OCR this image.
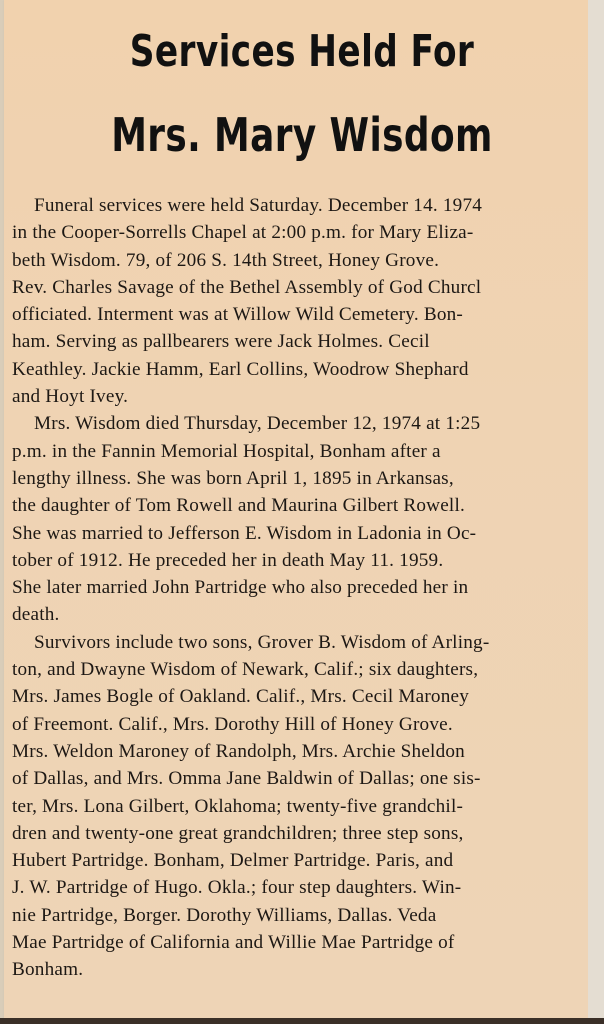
Services Held For
Mrs. Mary Wisdom
Funeral services were held Saturday. December 14. 1974
in the Cooper-Sorrells Chapel at 2:00 p.m. for Mary Eliza-
beth Wisdom. 79, of 206 S. 14th Street, Honey Grove.
Rev. Charles Savage of the Bethel Assembly of God Churcl
officiated. Interment was at Willow Wild Cemetery. Bon-
ham. Serving as pallbearers were Jack Holmes. Cecil
Keathley. Jackie Hamm, Earl Collins, Woodrow Shephard
and Hoyt Ivey.
Mrs. Wisdom died Thursday, December 12, 1974 at 1:25
p.m. in the Fannin Memorial Hospital, Bonham after a
lengthy illness. She was born April 1, 1895 in Arkansas,
the daughter of Tom Rowell and Maurina Gilbert Rowell.
She was married to Jefferson E. Wisdom in Ladonia in Oc-
tober of 1912. He preceded her in death May 11. 1959.
She later married John Partridge who also preceded her in
death.
Survivors include two sons, Grover B. Wisdom of Arling-
ton, and Dwayne Wisdom of Newark, Calif.; six daughters,
Mrs. James Bogle of Oakland. Calif., Mrs. Cecil Maroney
of Freemont. Calif., Mrs. Dorothy Hill of Honey Grove.
Mrs. Weldon Maroney of Randolph, Mrs. Archie Sheldon
of Dallas, and Mrs. Omma Jane Baldwin of Dallas; one sis-
ter, Mrs. Lona Gilbert, Oklahoma; twenty-five grandchil-
dren and twenty-one great grandchildren; three step sons,
Hubert Partridge. Bonham, Delmer Partridge. Paris, and
J. W. Partridge of Hugo. Okla.; four step daughters. Win-
nie Partridge, Borger. Dorothy Williams, Dallas. Veda
Mae Partridge of California and Willie Mae Partridge of
Bonham.
